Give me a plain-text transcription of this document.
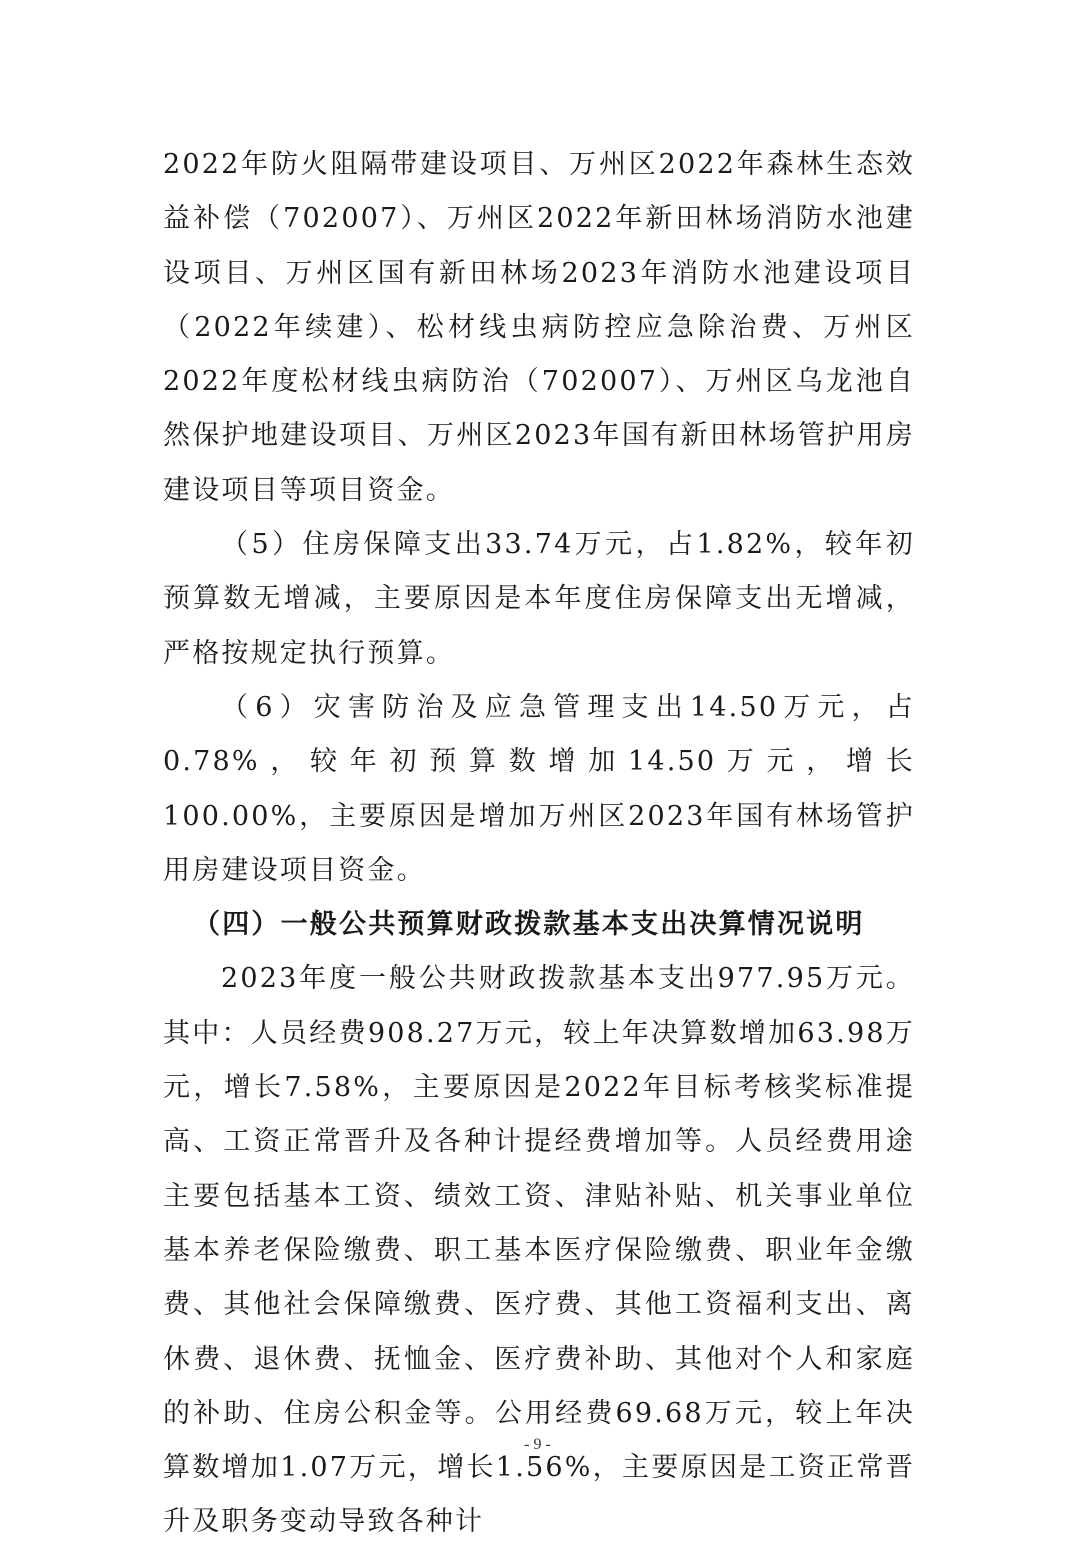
2022年防火阻隔带建设项目、万州区2022年森林生态效益补偿（702007）、万州区2022年新田林场消防水池建设项目、万州区国有新田林场2023年消防水池建设项目（2022年续建）、松材线虫病防控应急除治费、万州区2022年度松材线虫病防治（702007）、万州区乌龙池自然保护地建设项目、万州区2023年国有新田林场管护用房建设项目等项目资金。

（5）住房保障支出33.74万元，占1.82%，较年初预算数无增减，主要原因是本年度住房保障支出无增减，严格按规定执行预算。

（6）灾害防治及应急管理支出14.50万元，占0.78%，较年初预算数增加14.50万元，增长100.00%，主要原因是增加万州区2023年国有林场管护用房建设项目资金。

（四）一般公共预算财政拨款基本支出决算情况说明

2023年度一般公共财政拨款基本支出977.95万元。其中：人员经费908.27万元，较上年决算数增加63.98万元，增长7.58%，主要原因是2022年目标考核奖标准提高、工资正常晋升及各种计提经费增加等。人员经费用途主要包括基本工资、绩效工资、津贴补贴、机关事业单位基本养老保险缴费、职工基本医疗保险缴费、职业年金缴费、其他社会保障缴费、医疗费、其他工资福利支出、离休费、退休费、抚恤金、医疗费补助、其他对个人和家庭的补助、住房公积金等。公用经费69.68万元，较上年决算数增加1.07万元，增长1.56%，主要原因是工资正常晋升及职务变动导致各种计

- 9 -
